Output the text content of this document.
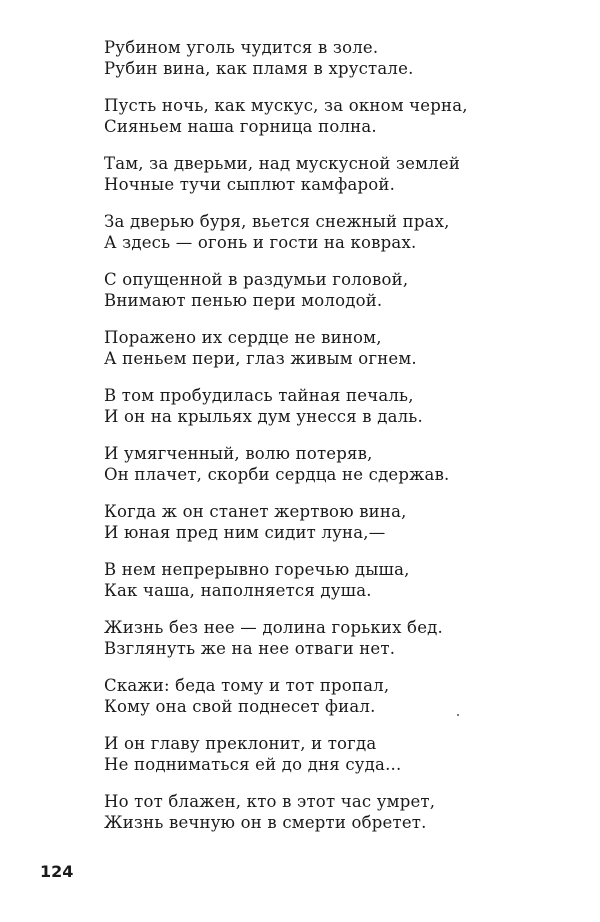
Рубином уголь чудится в золе.
Рубин вина, как пламя в хрустале.
Пусть ночь, как мускус, за окном черна,
Сияньем наша горница полна.
Там, за дверьми, над мускусной землей
Ночные тучи сыплют камфарой.
За дверью буря, вьется снежный прах,
А здесь — огонь и гости на коврах.
С опущенной в раздумьи головой,
Внимают пенью пери молодой.
Поражено их сердце не вином,
А пеньем пери, глаз живым огнем.
В том пробудилась тайная печаль,
И он на крыльях дум унесся в даль.
И умягченный, волю потеряв,
Он плачет, скорби сердца не сдержав.
Когда ж он станет жертвою вина,
И юная пред ним сидит луна,—
В нем непрерывно горечью дыша,
Как чаша, наполняется душа.
Жизнь без нее — долина горьких бед.
Взглянуть же на нее отваги нет.
Скажи: беда тому и тот пропал,
Кому она свой поднесет фиал.
И он главу преклонит, и тогда
Не подниматься ей до дня суда...
Но тот блажен, кто в этот час умрет,
Жизнь вечную он в смерти обретет.
124
